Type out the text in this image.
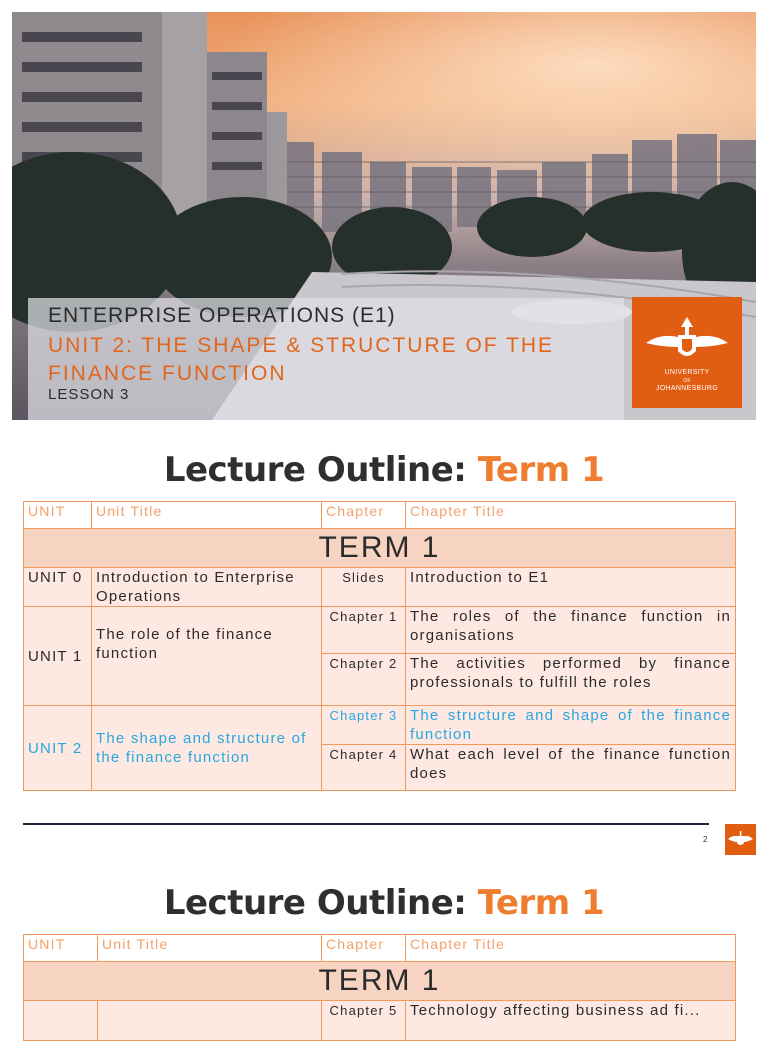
ENTERPRISE OPERATIONS (E1)
UNIT 2: THE SHAPE & STRUCTURE OF THE FINANCE FUNCTION
LESSON 3
UNIVERSITY
OF
JOHANNESBURG
Lecture Outline: Term 1
UNIT	Unit Title	Chapter	Chapter Title
TERM 1			
UNIT 0	Introduction to Enterprise Operations	Slides	Introduction to E1
UNIT 1	The role of the finance function	Chapter 1	The roles of the finance function in organisations
		Chapter 2	The activities performed by finance professionals to fulfill the roles
UNIT 2	The shape and structure of the finance function	Chapter 3	The structure and shape of the finance function
		Chapter 4	What each level of the finance function does
2
Lecture Outline: Term 1
UNIT	Unit Title	Chapter	Chapter Title
TERM 1			
		Chapter 5	Technology affecting business ad fi...
